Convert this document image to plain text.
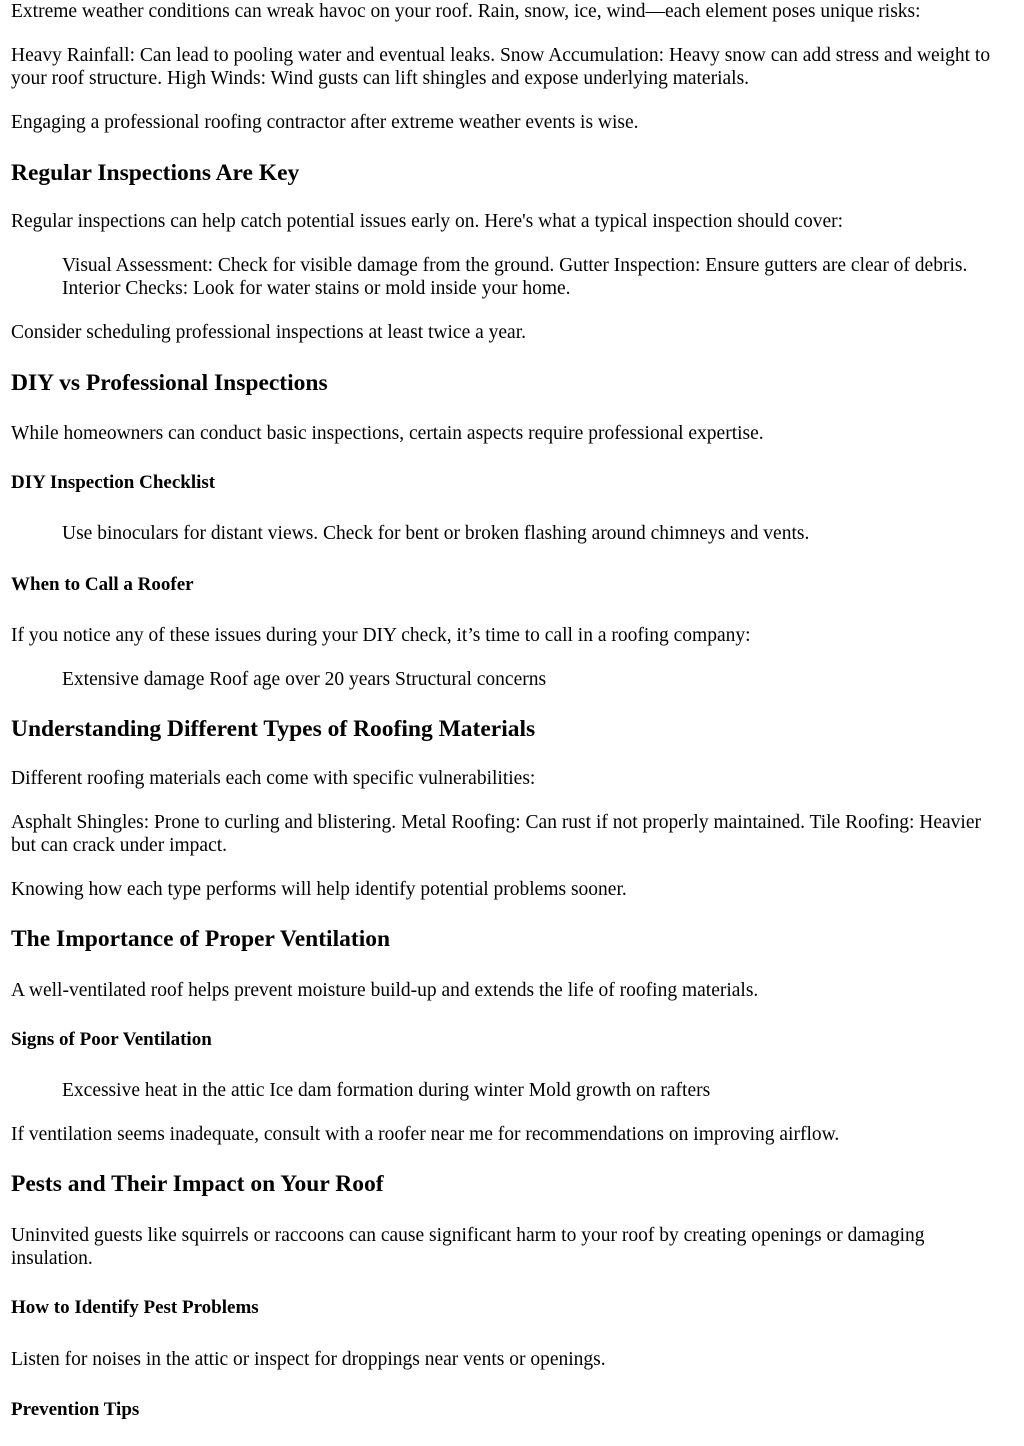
Extreme weather conditions can wreak havoc on your roof. Rain, snow, ice, wind—each element poses unique risks:

Heavy Rainfall: Can lead to pooling water and eventual leaks. Snow Accumulation: Heavy snow can add stress and weight to your roof structure. High Winds: Wind gusts can lift shingles and expose underlying materials.

Engaging a professional roofing contractor after extreme weather events is wise.

Regular Inspections Are Key

Regular inspections can help catch potential issues early on. Here's what a typical inspection should cover:

Visual Assessment: Check for visible damage from the ground. Gutter Inspection: Ensure gutters are clear of debris. Interior Checks: Look for water stains or mold inside your home.

Consider scheduling professional inspections at least twice a year.

DIY vs Professional Inspections

While homeowners can conduct basic inspections, certain aspects require professional expertise.

DIY Inspection Checklist
Use binoculars for distant views. Check for bent or broken flashing around chimneys and vents.
When to Call a Roofer

If you notice any of these issues during your DIY check, it’s time to call in a roofing company:

Extensive damage Roof age over 20 years Structural concerns
Understanding Different Types of Roofing Materials

Different roofing materials each come with specific vulnerabilities:

Asphalt Shingles: Prone to curling and blistering. Metal Roofing: Can rust if not properly maintained. Tile Roofing: Heavier but can crack under impact.

Knowing how each type performs will help identify potential problems sooner.

The Importance of Proper Ventilation

A well-ventilated roof helps prevent moisture build-up and extends the life of roofing materials.

Signs of Poor Ventilation
Excessive heat in the attic Ice dam formation during winter Mold growth on rafters

If ventilation seems inadequate, consult with a roofer near me for recommendations on improving airflow.

Pests and Their Impact on Your Roof

Uninvited guests like squirrels or raccoons can cause significant harm to your roof by creating openings or damaging insulation.

How to Identify Pest Problems

Listen for noises in the attic or inspect for droppings near vents or openings.

Prevention Tips
